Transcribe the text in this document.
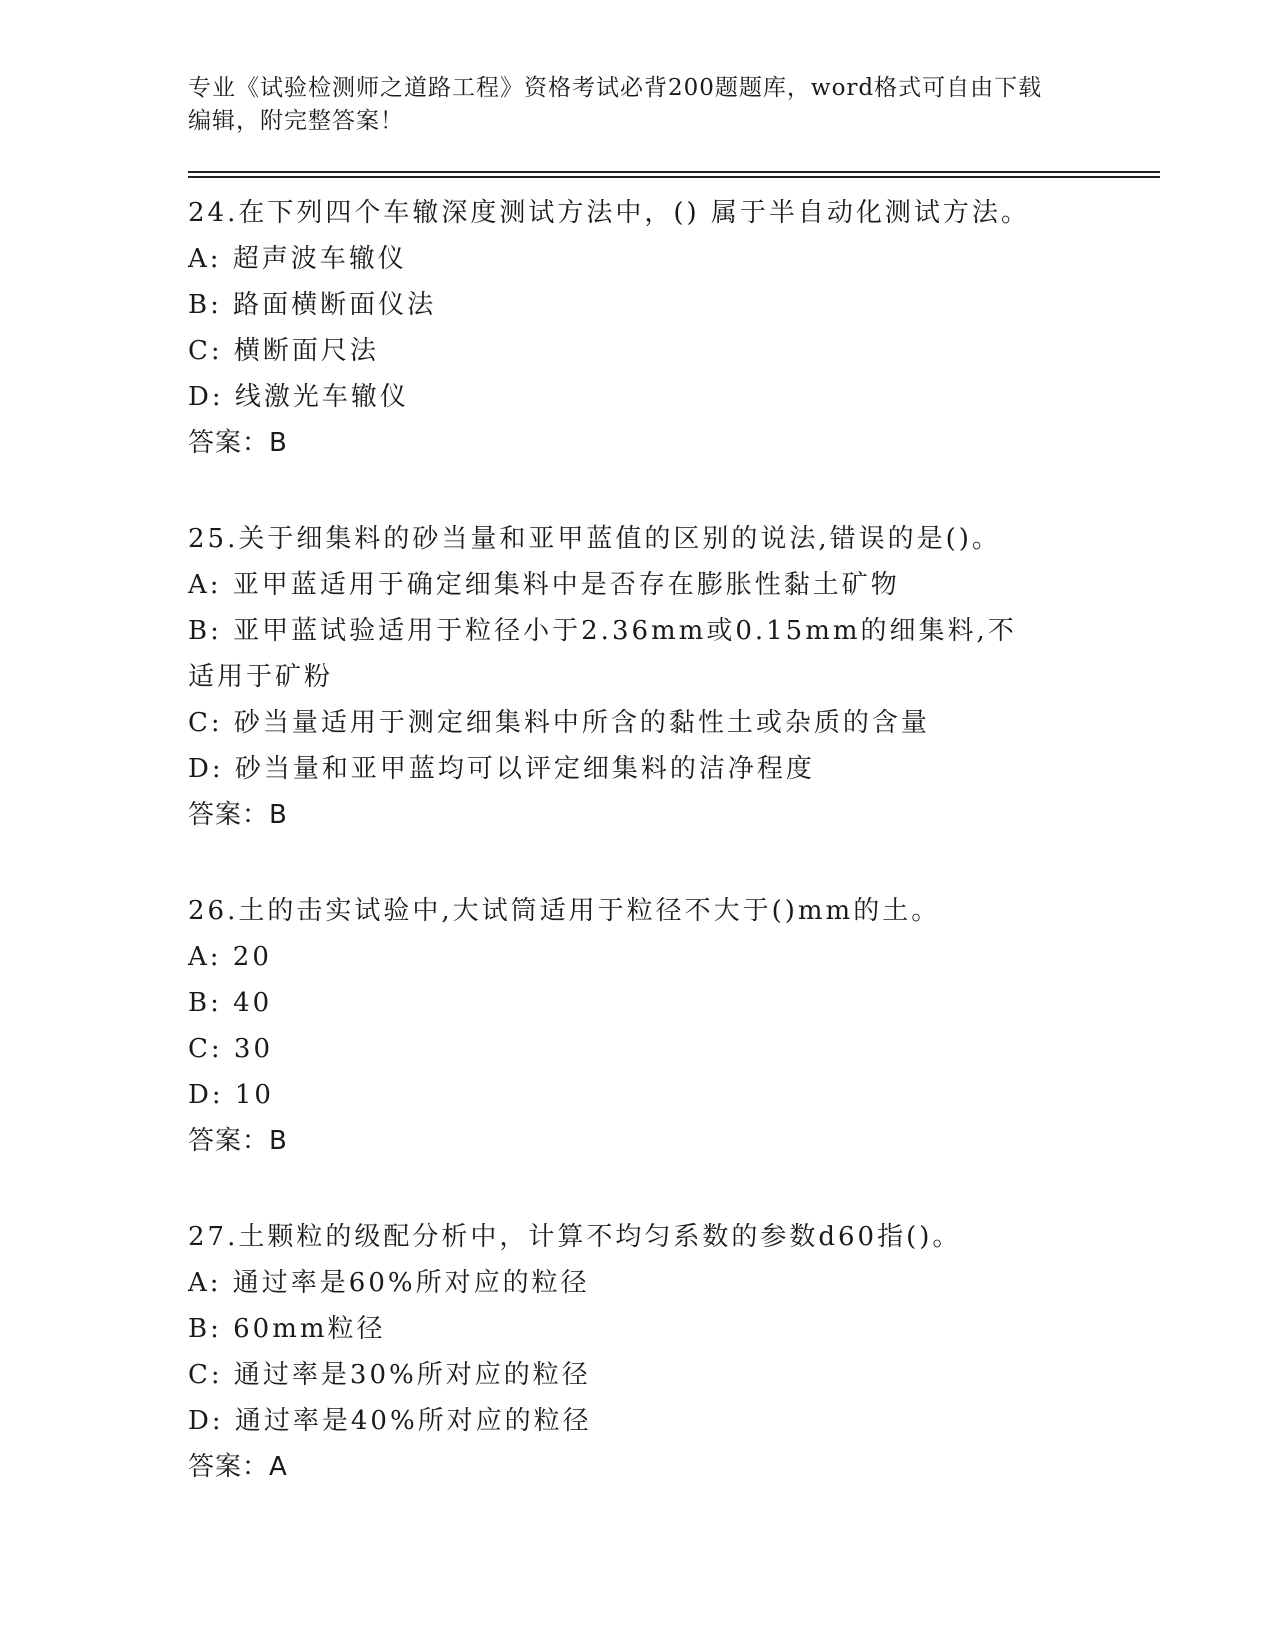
专业《试验检测师之道路工程》资格考试必背200题题库，word格式可自由下载
编辑，附完整答案！
24.在下列四个车辙深度测试方法中，() 属于半自动化测试方法。
A: 超声波车辙仪
B: 路面横断面仪法
C: 横断面尺法
D: 线激光车辙仪
答案：B
25.关于细集料的砂当量和亚甲蓝值的区别的说法,错误的是()。
A: 亚甲蓝适用于确定细集料中是否存在膨胀性黏土矿物
B: 亚甲蓝试验适用于粒径小于2.36mm或0.15mm的细集料,不适用于矿粉
C: 砂当量适用于测定细集料中所含的黏性土或杂质的含量
D: 砂当量和亚甲蓝均可以评定细集料的洁净程度
答案：B
26.土的击实试验中,大试筒适用于粒径不大于()mm的土。
A: 20
B: 40
C: 30
D: 10
答案：B
27.土颗粒的级配分析中，计算不均匀系数的参数d60指()。
A: 通过率是60%所对应的粒径
B: 60mm粒径
C: 通过率是30%所对应的粒径
D: 通过率是40%所对应的粒径
答案：A
